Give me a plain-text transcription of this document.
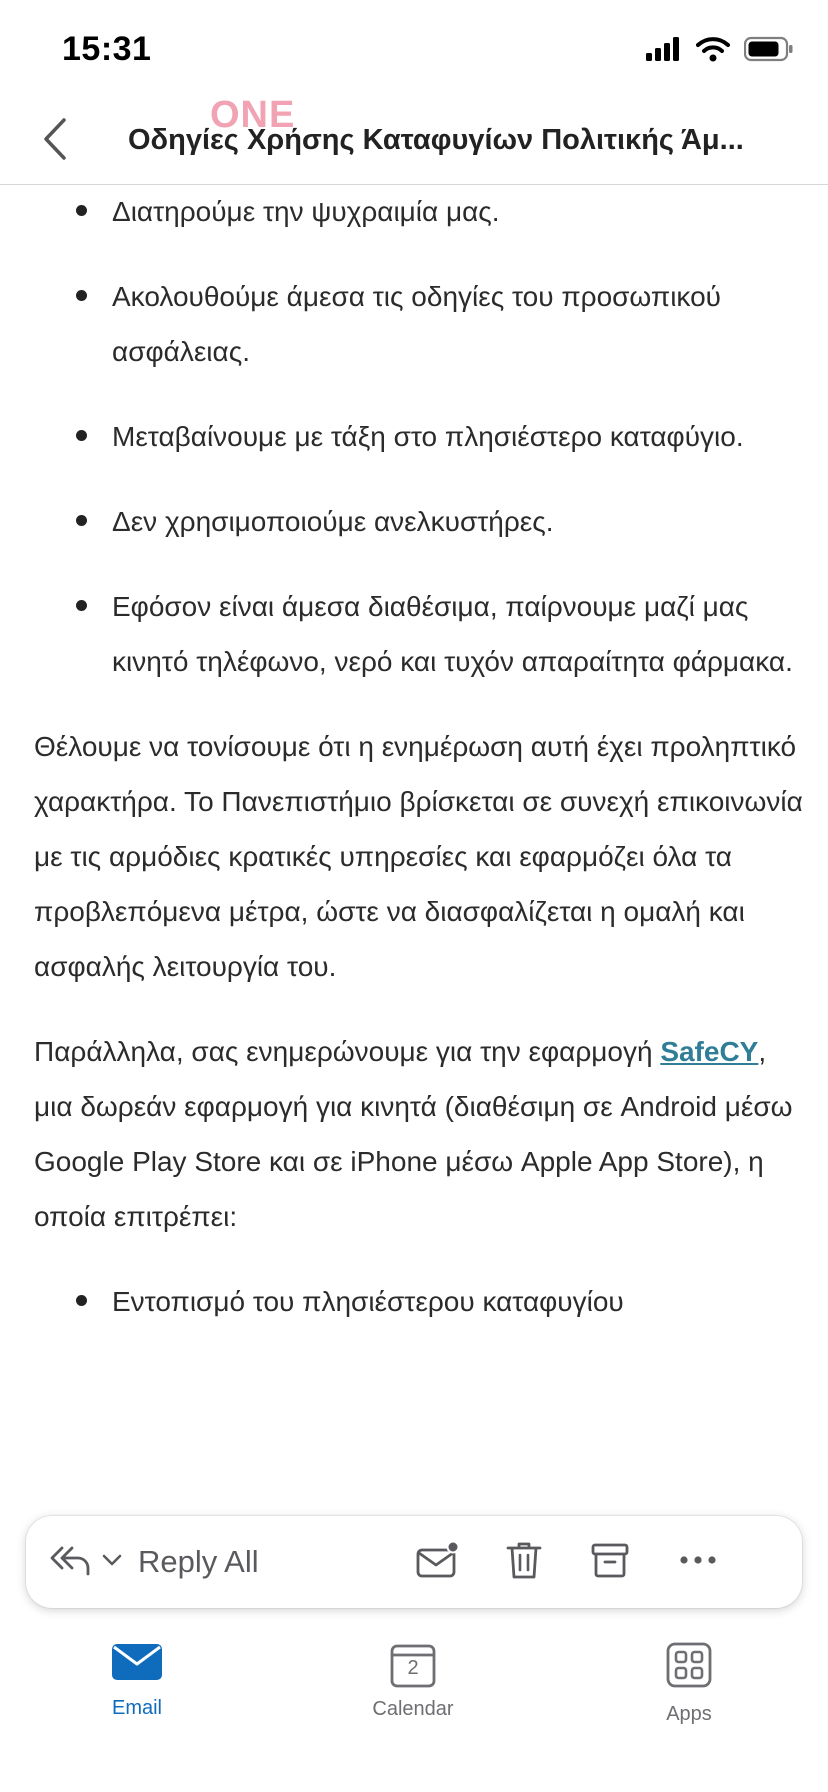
15:31
Οδηγίες Χρήσης Καταφυγίων Πολιτικής Άμ...
ONE
Διατηρούμε την ψυχραιμία μας.
Ακολουθούμε άμεσα τις οδηγίες του προσωπικού ασφάλειας.
Μεταβαίνουμε με τάξη στο πλησιέστερο καταφύγιο.
Δεν χρησιμοποιούμε ανελκυστήρες.
Εφόσον είναι άμεσα διαθέσιμα, παίρνουμε μαζί μας κινητό τηλέφωνο, νερό και τυχόν απαραίτητα φάρμακα.

Θέλουμε να τονίσουμε ότι η ενημέρωση αυτή έχει προληπτικό χαρακτήρα. Το Πανεπιστήμιο βρίσκεται σε συνεχή επικοινωνία με τις αρμόδιες κρατικές υπηρεσίες και εφαρμόζει όλα τα προβλεπόμενα μέτρα, ώστε να διασφαλίζεται η ομαλή και ασφαλής λειτουργία του.

Παράλληλα, σας ενημερώνουμε για την εφαρμογή SafeCY, μια δωρεάν εφαρμογή για κινητά (διαθέσιμη σε Android μέσω Google Play Store και σε iPhone μέσω Apple App Store), η οποία επιτρέπει:

Εντοπισμό του πλησιέστερου καταφυγίου
Reply All
Email
2
Calendar	Apps
